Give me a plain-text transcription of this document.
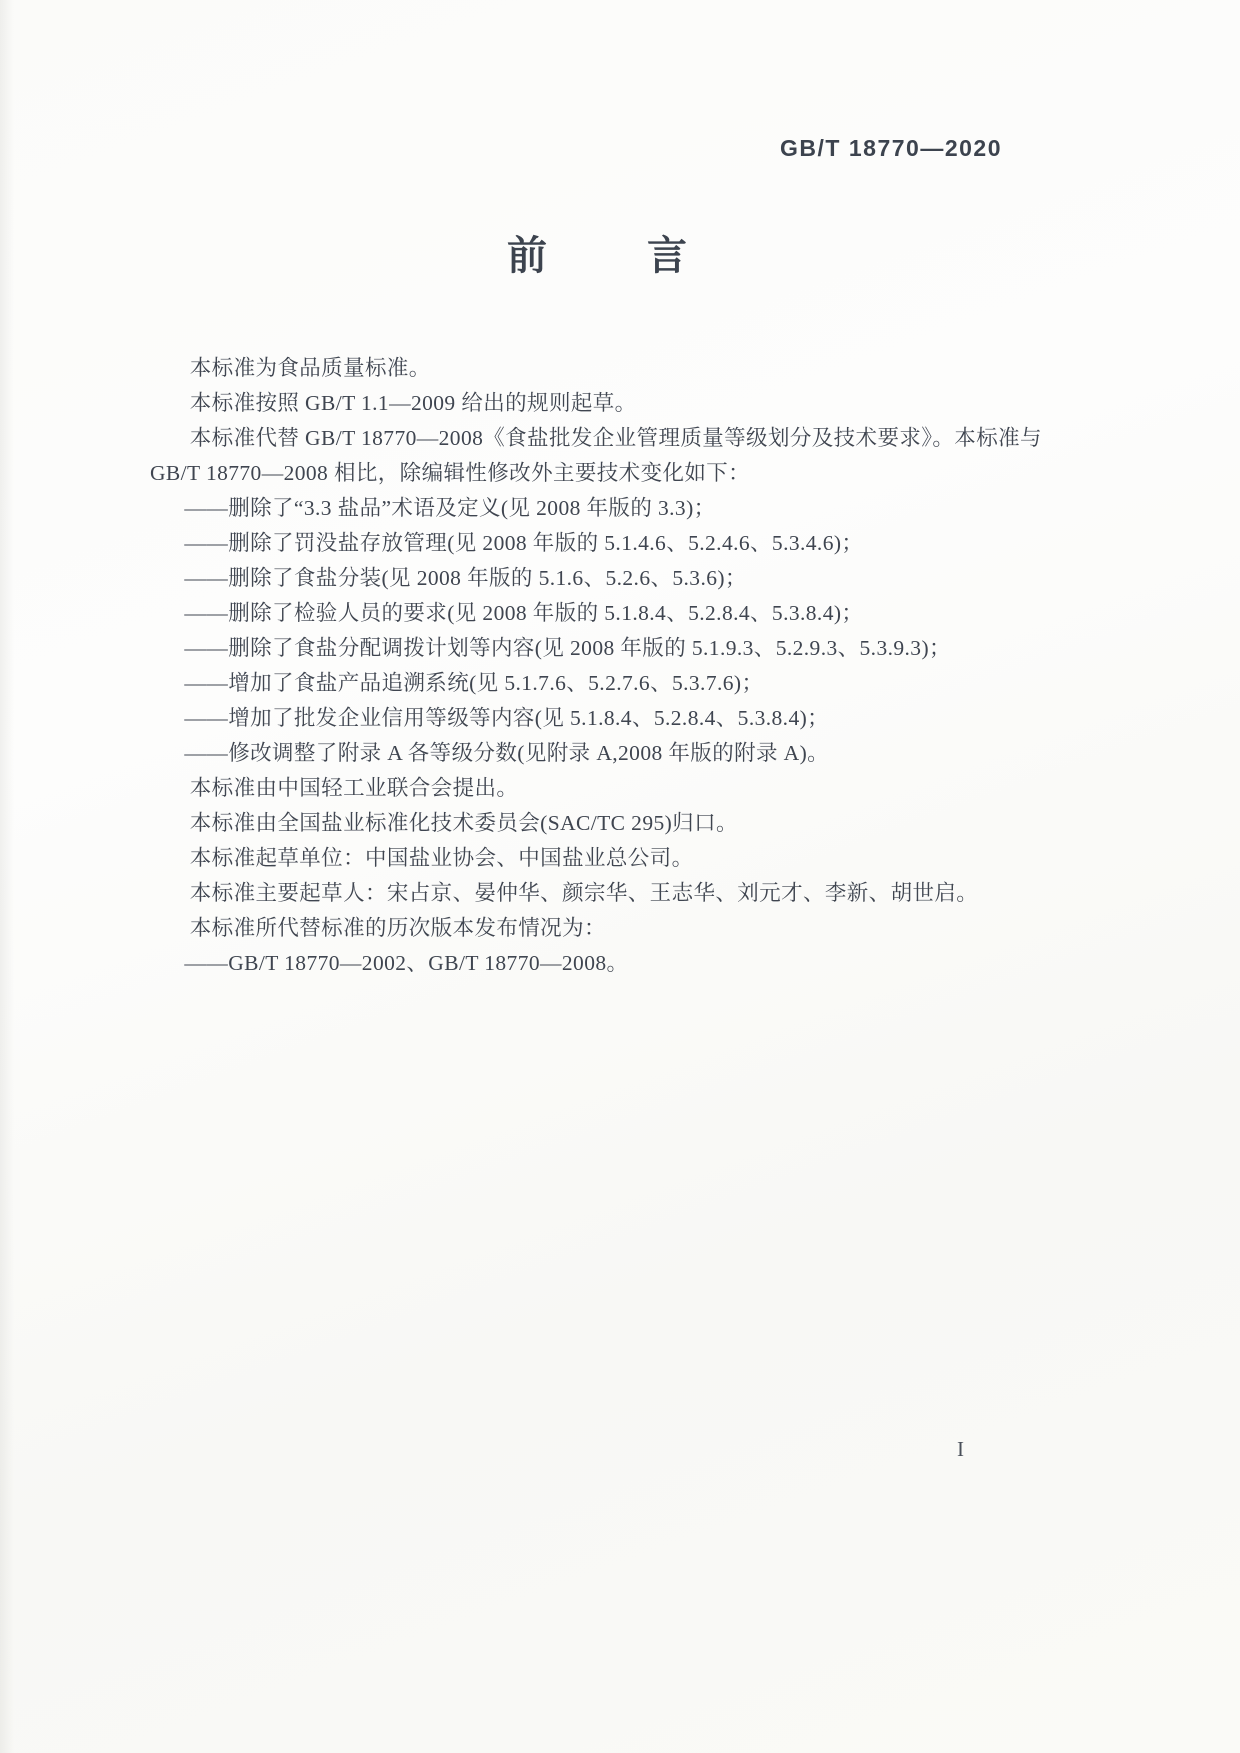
GB/T 18770—2020
前 言
本标准为食品质量标准。
本标准按照 GB/T 1.1—2009 给出的规则起草。
本标准代替 GB/T 18770—2008《食盐批发企业管理质量等级划分及技术要求》。本标准与
GB/T 18770—2008 相比，除编辑性修改外主要技术变化如下：
——删除了“3.3 盐品”术语及定义(见 2008 年版的 3.3)；
——删除了罚没盐存放管理(见 2008 年版的 5.1.4.6、5.2.4.6、5.3.4.6)；
——删除了食盐分装(见 2008 年版的 5.1.6、5.2.6、5.3.6)；
——删除了检验人员的要求(见 2008 年版的 5.1.8.4、5.2.8.4、5.3.8.4)；
——删除了食盐分配调拨计划等内容(见 2008 年版的 5.1.9.3、5.2.9.3、5.3.9.3)；
——增加了食盐产品追溯系统(见 5.1.7.6、5.2.7.6、5.3.7.6)；
——增加了批发企业信用等级等内容(见 5.1.8.4、5.2.8.4、5.3.8.4)；
——修改调整了附录 A 各等级分数(见附录 A,2008 年版的附录 A)。
本标准由中国轻工业联合会提出。
本标准由全国盐业标准化技术委员会(SAC/TC 295)归口。
本标准起草单位：中国盐业协会、中国盐业总公司。
本标准主要起草人：宋占京、晏仲华、颜宗华、王志华、刘元才、李新、胡世启。
本标准所代替标准的历次版本发布情况为：
——GB/T 18770—2002、GB/T 18770—2008。
I
